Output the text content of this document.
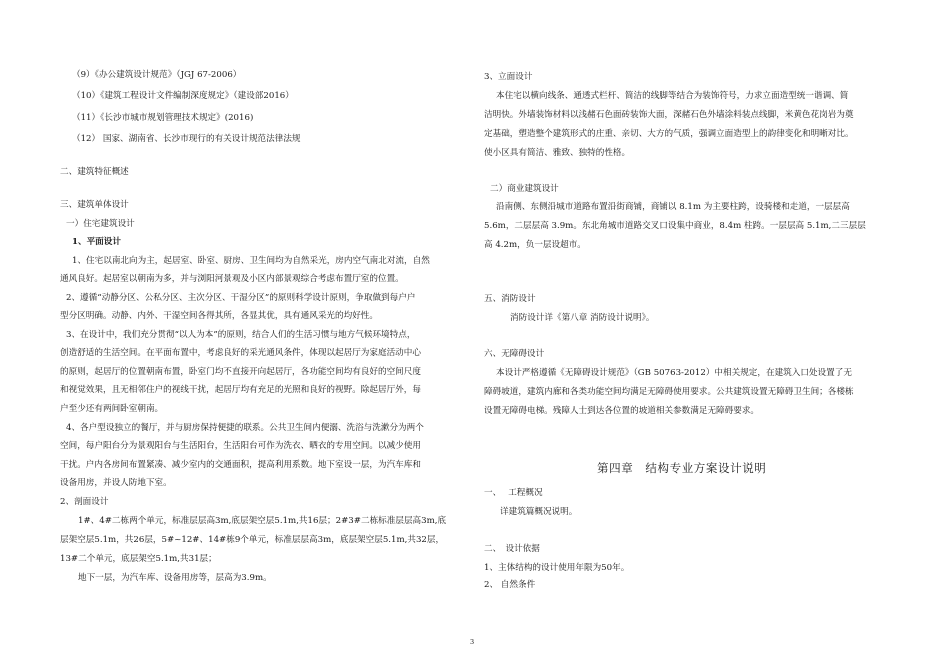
（9）《办公建筑设计规范》（JGJ 67-2006）
（10）《建筑工程设计文件编制深度规定》（建设部2016）
（11）《长沙市城市规划管理技术规定》(2016)
（12） 国家、湖南省、长沙市现行的有关设计规范法律法规
二、建筑特征概述
三、建筑单体设计
一）住宅建筑设计
1、平面设计
1、住宅以南北向为主，起居室、卧室、厨房、卫生间均为自然采光，房内空气南北对流，自然
通风良好。起居室以朝南为多，并与浏阳河景观及小区内部景观综合考虑布置厅室的位置。
2、遵循“动静分区、公私分区、主次分区、干湿分区”的原则科学设计原则，争取做到每户户
型分区明确。动静、内外、干湿空间各得其所，各显其优，具有通风采光的均好性。
3、在设计中，我们充分贯彻“以人为本”的原则，结合人们的生活习惯与地方气候环境特点，
创造舒适的生活空间。在平面布置中，考虑良好的采光通风条件，体现以起居厅为家庭活动中心
的原则，起居厅的位置朝南布置，卧室门均不直接开向起居厅，各功能空间均有良好的空间尺度
和视觉效果，且无相邻住户的视线干扰，起居厅均有充足的光照和良好的视野。除起居厅外，每
户至少还有两间卧室朝南。
4、各户型设独立的餐厅，并与厨房保持便捷的联系。公共卫生间内便溺、洗浴与洗漱分为两个
空间，每户阳台分为景观阳台与生活阳台，生活阳台可作为洗衣、晒衣的专用空间。以减少使用
干扰。户内各房间布置紧凑、减少室内的交通面积，提高利用系数。地下室设一层，为汽车库和
设备用房，并设人防地下室。
2、剖面设计
1#、4#二栋两个单元，标准层层高3m,底层架空层5.1m,共16层；2#3#二栋标准层层高3m,底
层架空层5.1m，共26层，5#~12#、14#栋9个单元，标准层层高3m，底层架空层5.1m,共32层，
13#二个单元，底层架空5.1m,共31层；
地下一层，为汽车库、设备用房等，层高为3.9m。
3、立面设计
本住宅以横向线条、通透式栏杆、简洁的线脚等结合为装饰符号，力求立面造型统一谐调、简
洁明快。外墙装饰材料以浅赭石色面砖装饰大面，深赭石色外墙涂料装点线脚，米黄色花岗岩为奠
定基础，塑造整个建筑形式的庄重、亲切、大方的气质，强调立面造型上的韵律变化和明晰对比。
使小区具有简洁、雅致、独特的性格。
二）商业建筑设计
沿南侧、东侧沿城市道路布置沿街商铺，商铺以 8.1m 为主要柱跨，设骑楼和走道，一层层高
5.6m，二层层高 3.9m。东北角城市道路交叉口设集中商业，8.4m 柱跨。一层层高 5.1m,二三层层
高 4.2m，负一层设超市。
五、消防设计
消防设计详《第八章 消防设计说明》。
六、无障碍设计
本设计严格遵循《无障碍设计规范》（GB 50763-2012）中相关规定，在建筑入口处设置了无
障碍坡道，建筑内廊和各类功能空间均满足无障碍使用要求。公共建筑设置无障碍卫生间；各楼栋
设置无障碍电梯。残障人士到达各位置的坡道相关参数满足无障碍要求。
第四章　结构专业方案设计说明
一、　 工程概况
详建筑篇概况说明。
二、　设计依据
1、主体结构的设计使用年限为50年。
2、 自然条件
3
